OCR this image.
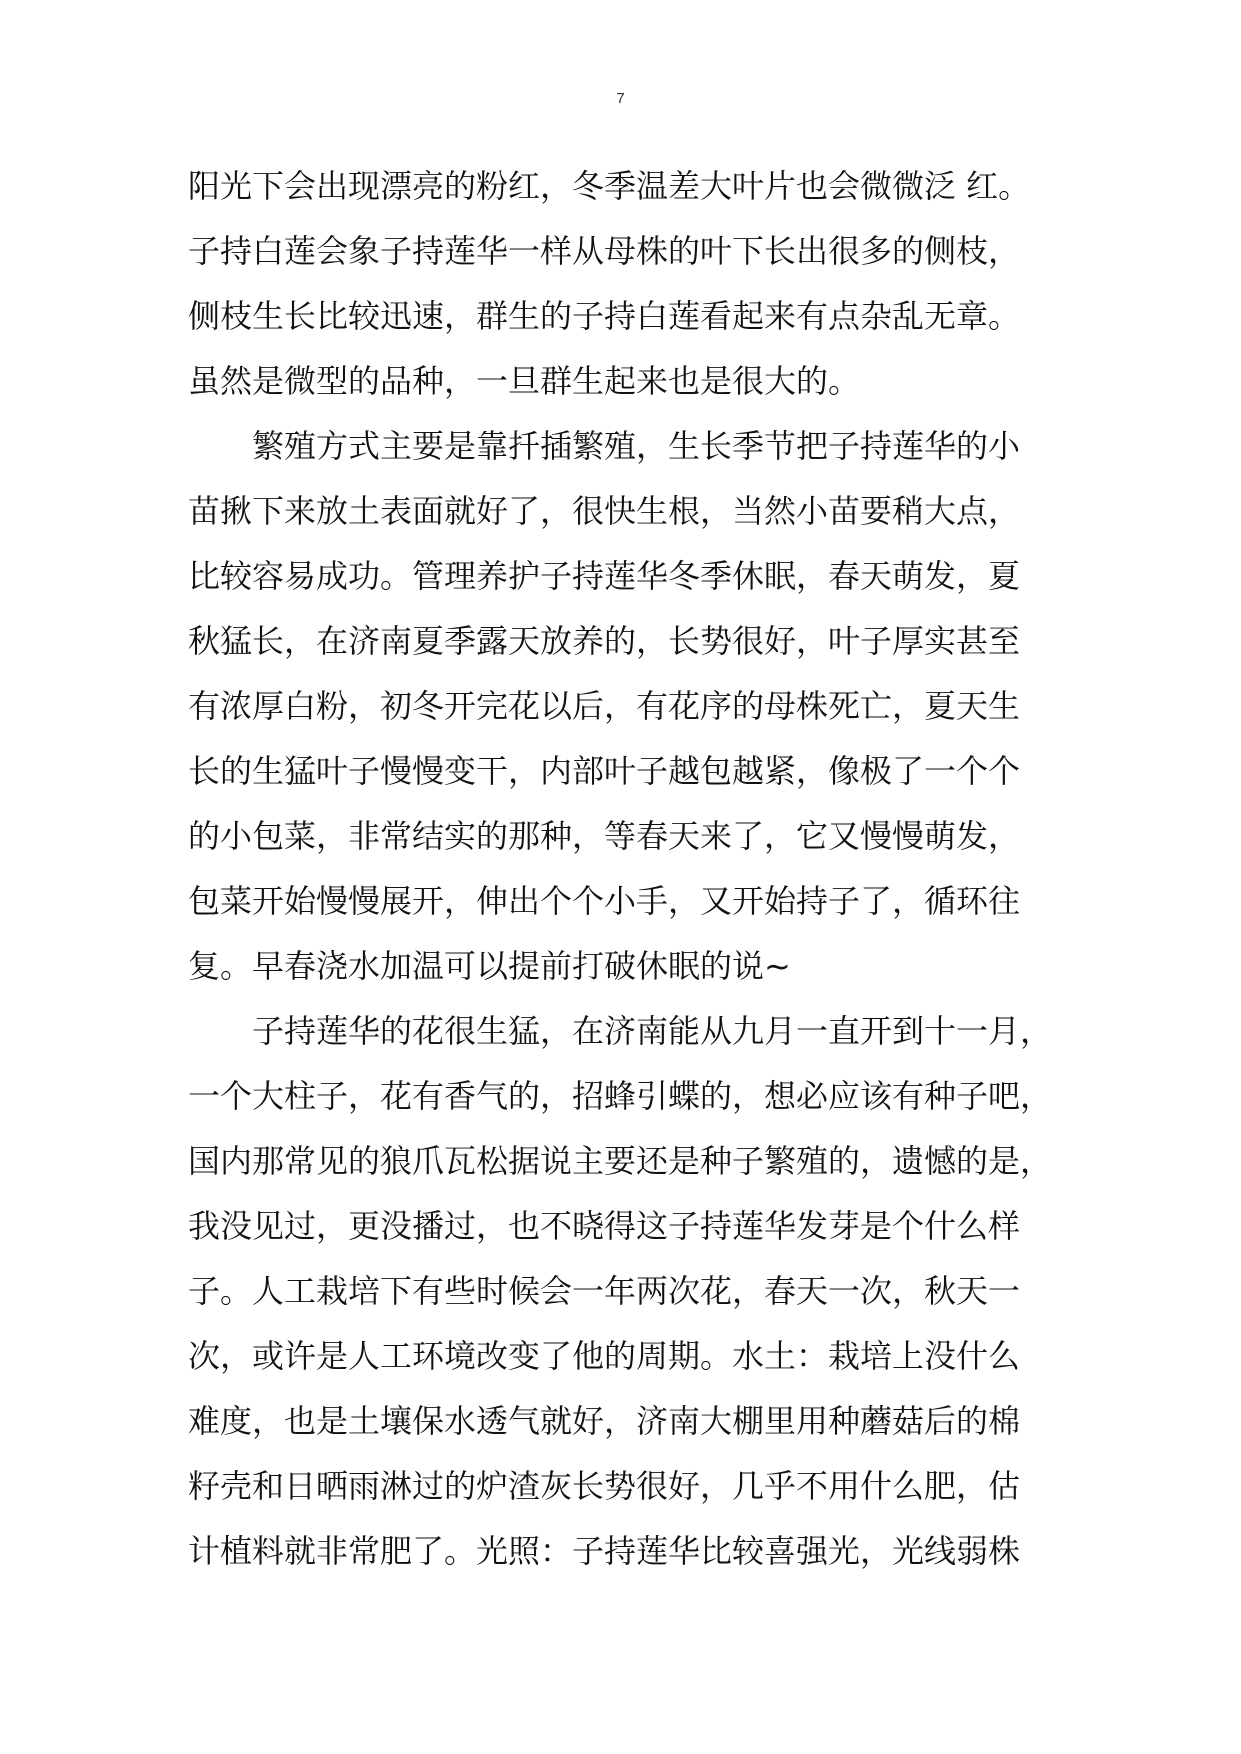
7
阳光下会出现漂亮的粉红，冬季温差大叶片也会微微泛 红。
子持白莲会象子持莲华一样从母株的叶下长出很多的侧枝，
侧枝生长比较迅速，群生的子持白莲看起来有点杂乱无章。
虽然是微型的品种，一旦群生起来也是很大的。
繁殖方式主要是靠扦插繁殖，生长季节把子持莲华的小
苗揪下来放土表面就好了，很快生根，当然小苗要稍大点，
比较容易成功。管理养护子持莲华冬季休眠，春天萌发，夏
秋猛长，在济南夏季露天放养的，长势很好，叶子厚实甚至
有浓厚白粉，初冬开完花以后，有花序的母株死亡，夏天生
长的生猛叶子慢慢变干，内部叶子越包越紧，像极了一个个
的小包菜，非常结实的那种，等春天来了，它又慢慢萌发，
包菜开始慢慢展开，伸出个个小手，又开始持子了，循环往
复。早春浇水加温可以提前打破休眠的说~
子持莲华的花很生猛，在济南能从九月一直开到十一月，
一个大柱子，花有香气的，招蜂引蝶的，想必应该有种子吧，
国内那常见的狼爪瓦松据说主要还是种子繁殖的，遗憾的是，
我没见过，更没播过，也不晓得这子持莲华发芽是个什么样
子。人工栽培下有些时候会一年两次花，春天一次，秋天一
次，或许是人工环境改变了他的周期。水土：栽培上没什么
难度，也是土壤保水透气就好，济南大棚里用种蘑菇后的棉
籽壳和日晒雨淋过的炉渣灰长势很好，几乎不用什么肥，估
计植料就非常肥了。光照：子持莲华比较喜强光，光线弱株
